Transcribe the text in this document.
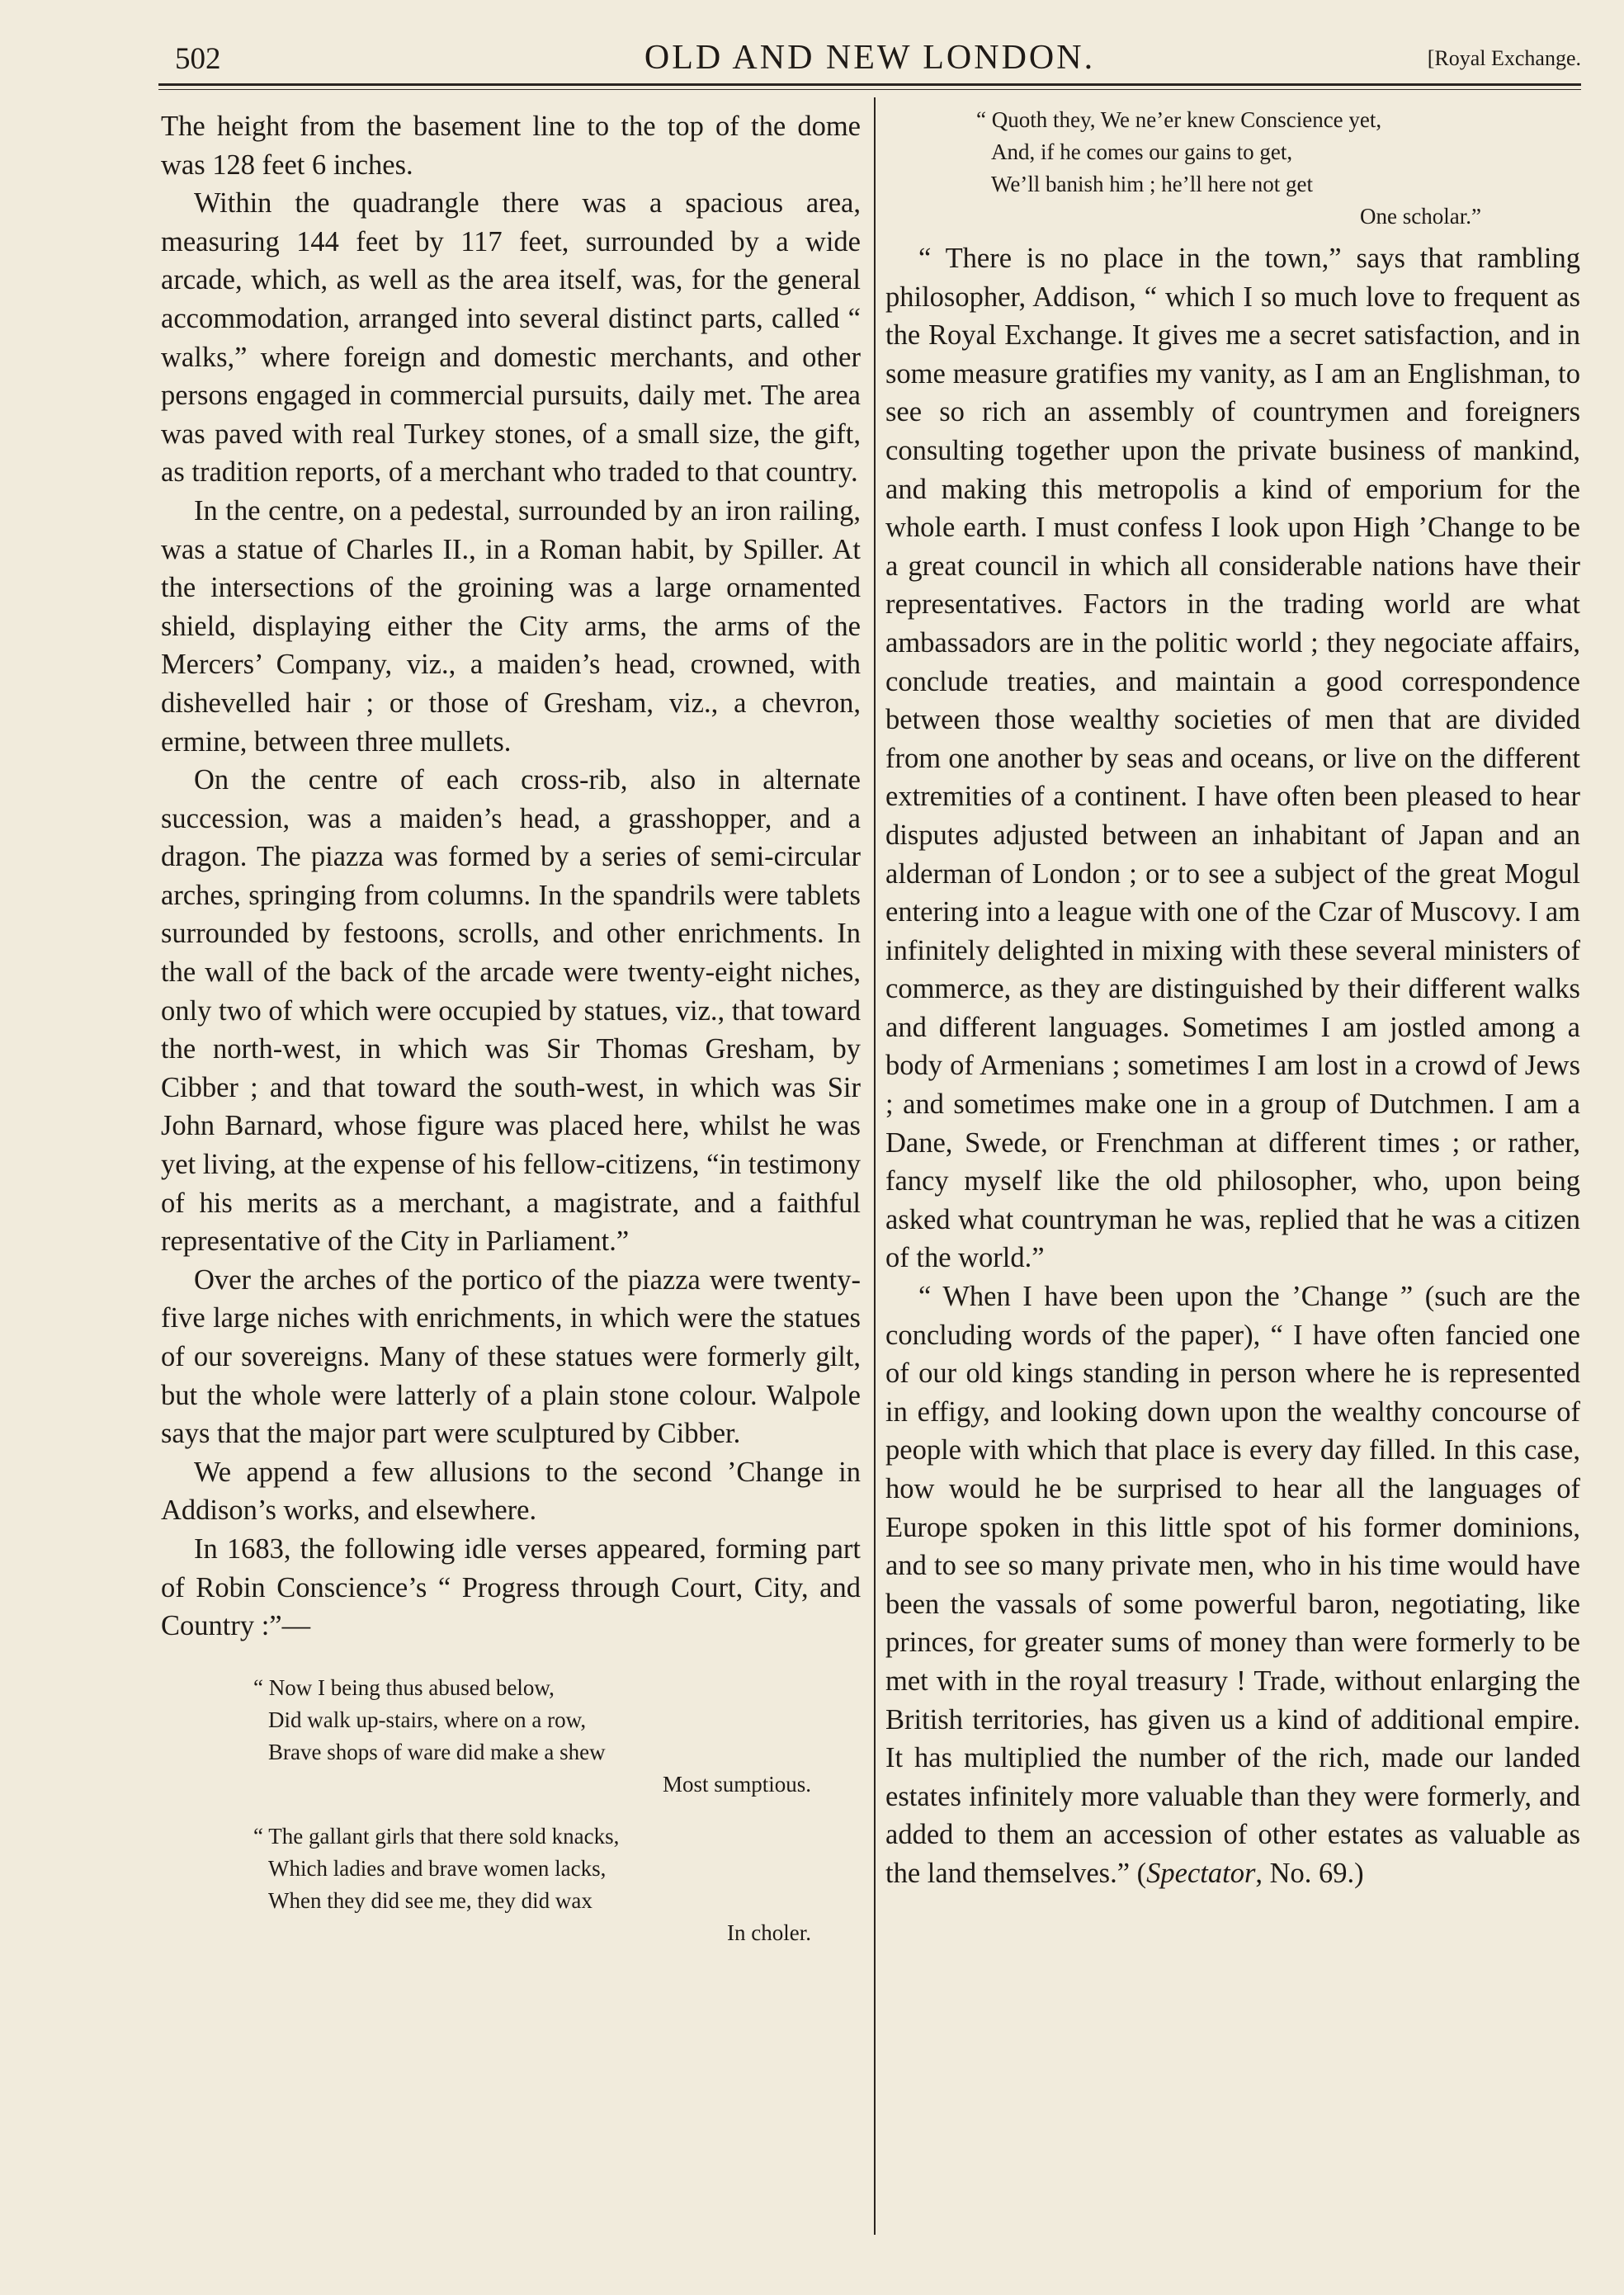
502	OLD AND NEW LONDON.	[Royal Exchange.

The height from the basement line to the top of the dome was 128 feet 6 inches.

Within the quadrangle there was a spacious area, measuring 144 feet by 117 feet, surrounded by a wide arcade, which, as well as the area itself, was, for the general accommodation, arranged into several distinct parts, called “ walks,” where foreign and domestic merchants, and other persons engaged in commercial pursuits, daily met. The area was paved with real Turkey stones, of a small size, the gift, as tradition reports, of a merchant who traded to that country.

In the centre, on a pedestal, surrounded by an iron railing, was a statue of Charles II., in a Roman habit, by Spiller. At the intersections of the groining was a large ornamented shield, displaying either the City arms, the arms of the Mercers’ Company, viz., a maiden’s head, crowned, with dishevelled hair ; or those of Gresham, viz., a chevron, ermine, between three mullets.

On the centre of each cross-rib, also in alternate succession, was a maiden’s head, a grasshopper, and a dragon. The piazza was formed by a series of semi-circular arches, springing from columns. In the spandrils were tablets surrounded by festoons, scrolls, and other enrichments. In the wall of the back of the arcade were twenty-eight niches, only two of which were occupied by statues, viz., that toward the north-west, in which was Sir Thomas Gresham, by Cibber ; and that toward the south-west, in which was Sir John Barnard, whose figure was placed here, whilst he was yet living, at the expense of his fellow-citizens, “in testimony of his merits as a merchant, a magistrate, and a faithful representative of the City in Parliament.”

Over the arches of the portico of the piazza were twenty-five large niches with enrichments, in which were the statues of our sovereigns. Many of these statues were formerly gilt, but the whole were latterly of a plain stone colour. Walpole says that the major part were sculptured by Cibber.

We append a few allusions to the second ’Change in Addison’s works, and elsewhere.

In 1683, the following idle verses appeared, forming part of Robin Conscience’s “ Progress through Court, City, and Country :”—

“ Now I being thus abused below,
Did walk up-stairs, where on a row,
Brave shops of ware did make a shew
Most sumptious.
“ The gallant girls that there sold knacks,
Which ladies and brave women lacks,
When they did see me, they did wax
In choler.
“ Quoth they, We ne’er knew Conscience yet,
And, if he comes our gains to get,
We’ll banish him ; he’ll here not get
One scholar.”

“ There is no place in the town,” says that rambling philosopher, Addison, “ which I so much love to frequent as the Royal Exchange. It gives me a secret satisfaction, and in some measure gratifies my vanity, as I am an Englishman, to see so rich an assembly of countrymen and foreigners consulting together upon the private business of mankind, and making this metropolis a kind of emporium for the whole earth. I must confess I look upon High ’Change to be a great council in which all considerable nations have their representatives. Factors in the trading world are what ambassadors are in the politic world ; they negociate affairs, conclude treaties, and maintain a good correspondence between those wealthy societies of men that are divided from one another by seas and oceans, or live on the different extremities of a continent. I have often been pleased to hear disputes adjusted between an inhabitant of Japan and an alderman of London ; or to see a subject of the great Mogul entering into a league with one of the Czar of Muscovy. I am infinitely delighted in mixing with these several ministers of commerce, as they are distinguished by their different walks and different languages. Sometimes I am jostled among a body of Armenians ; sometimes I am lost in a crowd of Jews ; and sometimes make one in a group of Dutchmen. I am a Dane, Swede, or Frenchman at different times ; or rather, fancy myself like the old philosopher, who, upon being asked what countryman he was, replied that he was a citizen of the world.”

“ When I have been upon the ’Change ” (such are the concluding words of the paper), “ I have often fancied one of our old kings standing in person where he is represented in effigy, and looking down upon the wealthy concourse of people with which that place is every day filled. In this case, how would he be surprised to hear all the languages of Europe spoken in this little spot of his former dominions, and to see so many private men, who in his time would have been the vassals of some powerful baron, negotiating, like princes, for greater sums of money than were formerly to be met with in the royal treasury ! Trade, without enlarging the British territories, has given us a kind of additional empire. It has multiplied the number of the rich, made our landed estates infinitely more valuable than they were formerly, and added to them an accession of other estates as valuable as the land themselves.” (Spectator, No. 69.)
